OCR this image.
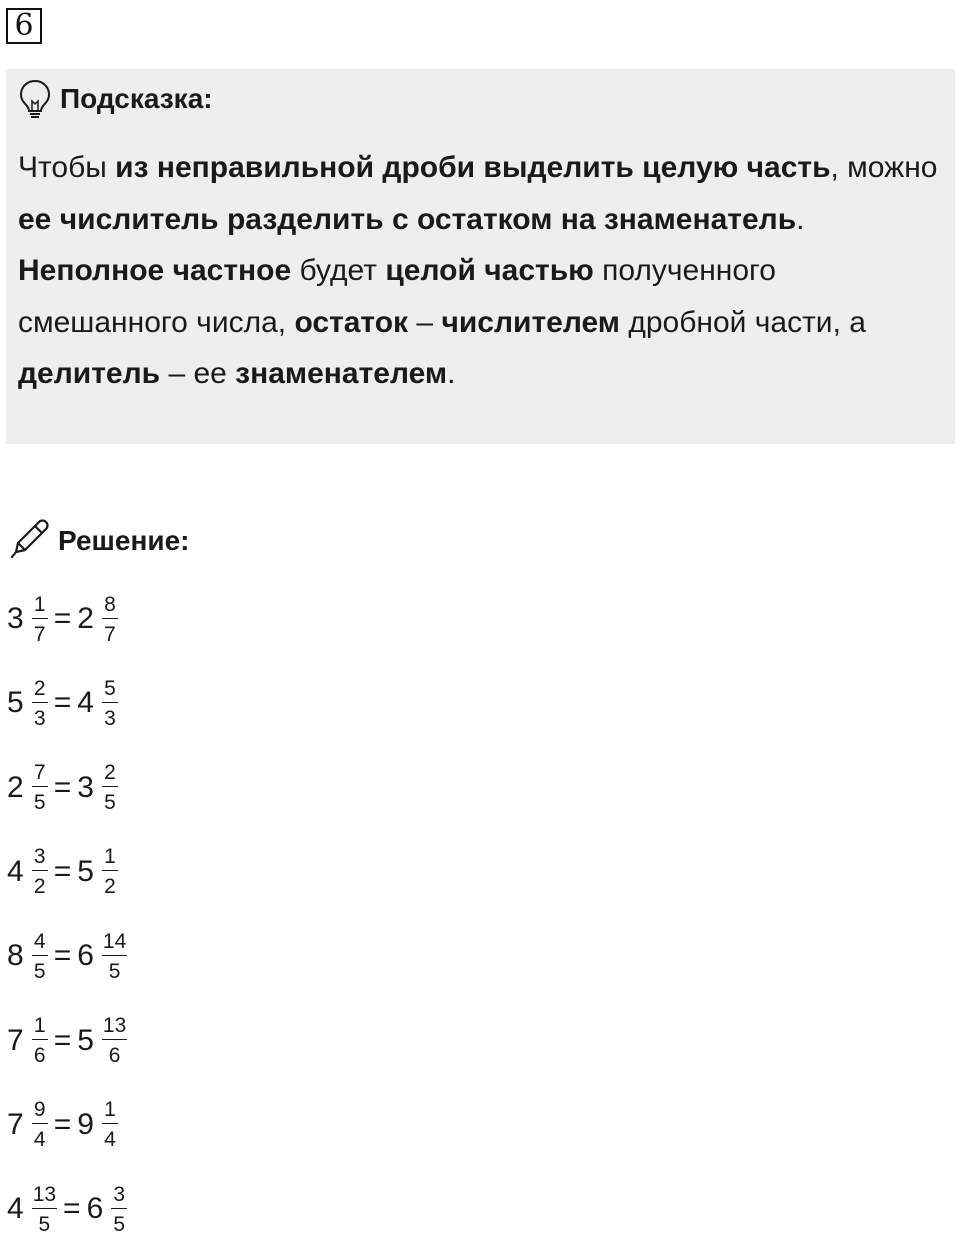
6
Подсказка:
Чтобы из неправильной дроби выделить целую часть, можно ее числитель разделить с остатком на знаменатель. Неполное частное будет целой частью полученного смешанного числа, остаток – числителем дробной части, а делитель – ее знаменателем.
Решение:
$3 \frac{1}{7} = 2 \frac{8}{7}$
$5 \frac{2}{3} = 4 \frac{5}{3}$
$2 \frac{7}{5} = 3 \frac{2}{5}$
$4 \frac{3}{2} = 5 \frac{1}{2}$
$8 \frac{4}{5} = 6 \frac{14}{5}$
$7 \frac{1}{6} = 5 \frac{13}{6}$
$7 \frac{9}{4} = 9 \frac{1}{4}$
$4 \frac{13}{5} = 6 \frac{3}{5}$
